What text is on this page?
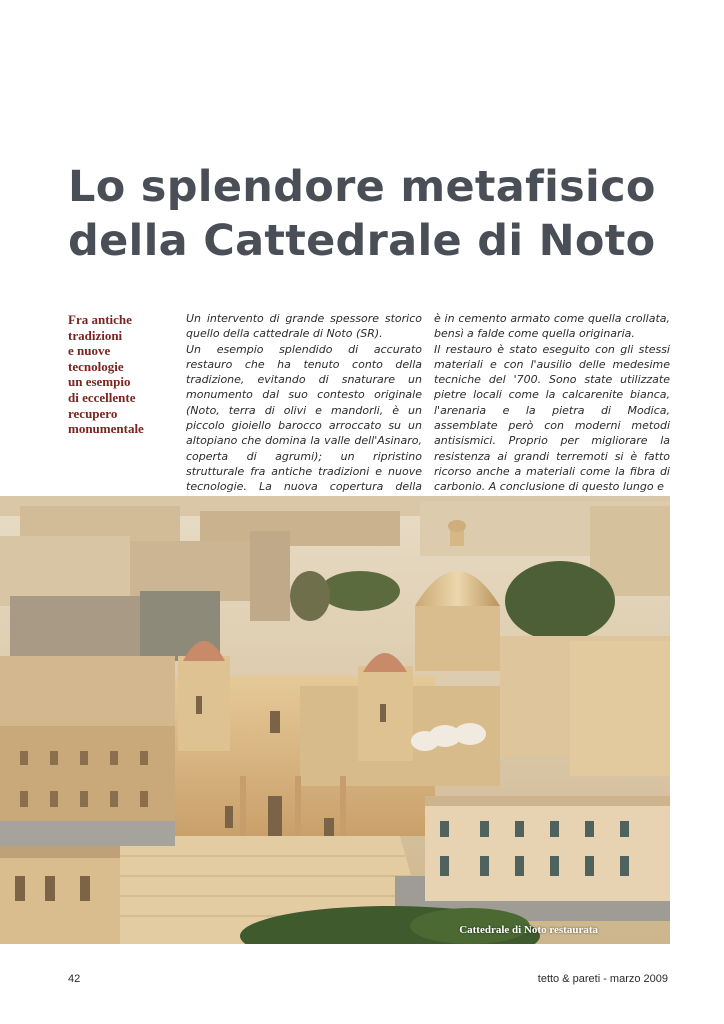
Lo splendore metafisico
della Cattedrale di Noto
Fra antiche
tradizioni
e nuove
tecnologie
un esempio
di eccellente
recupero
monumentale

Un intervento di grande spessore storico quello della cattedrale di Noto (SR).

Un esempio splendido di accurato restauro che ha tenuto conto della tradizione, evitando di snaturare un monumento dal suo contesto originale (Noto, terra di olivi e mandorli, è un piccolo gioiello barocco arroccato su un altopiano che domina la valle dell'Asinaro, coperta di agrumi); un ripristino strutturale fra antiche tradizioni e nuove tecnologie. La nuova copertura della

è in cemento armato come quella crollata, bensì a falde come quella originaria.

Il restauro è stato eseguito con gli stessi materiali e con l'ausilio delle medesime tecniche del '700. Sono state utilizzate pietre locali come la calcarenite bianca, l'arenaria e la pietra di Modica, assemblate però con moderni metodi antisismici. Proprio per migliorare la resistenza ai grandi terremoti si è fatto ricorso anche a materiali come la fibra di carbonio. A conclusione di questo lungo e

Cattedrale di Noto restaurata
42	tetto & pareti - marzo 2009
